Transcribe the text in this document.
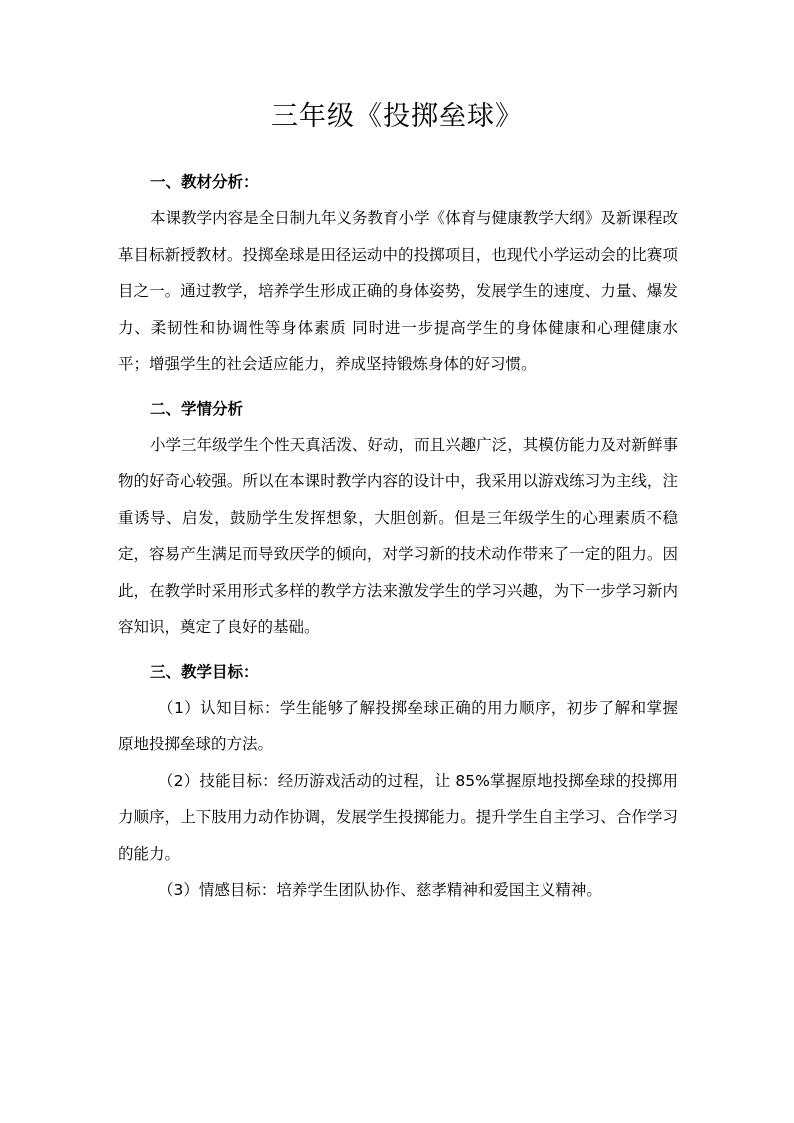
三年级《投掷垒球》

一、教材分析：

本课教学内容是全日制九年义务教育小学《体育与健康教学大纲》及新课程改革目标新授教材。投掷垒球是田径运动中的投掷项目，也现代小学运动会的比赛项目之一。通过教学，培养学生形成正确的身体姿势，发展学生的速度、力量、爆发力、柔韧性和协调性等身体素质 同时进一步提高学生的身体健康和心理健康水平；增强学生的社会适应能力，养成坚持锻炼身体的好习惯。

二、学情分析

小学三年级学生个性天真活泼、好动，而且兴趣广泛，其模仿能力及对新鲜事物的好奇心较强。所以在本课时教学内容的设计中，我采用以游戏练习为主线，注重诱导、启发，鼓励学生发挥想象，大胆创新。但是三年级学生的心理素质不稳定，容易产生满足而导致厌学的倾向，对学习新的技术动作带来了一定的阻力。因此，在教学时采用形式多样的教学方法来激发学生的学习兴趣，为下一步学习新内容知识，奠定了良好的基础。

三、教学目标：

（1）认知目标：学生能够了解投掷垒球正确的用力顺序，初步了解和掌握原地投掷垒球的方法。

（2）技能目标：经历游戏活动的过程，让 85%掌握原地投掷垒球的投掷用力顺序，上下肢用力动作协调，发展学生投掷能力。提升学生自主学习、合作学习的能力。

（3）情感目标：培养学生团队协作、慈孝精神和爱国主义精神。
